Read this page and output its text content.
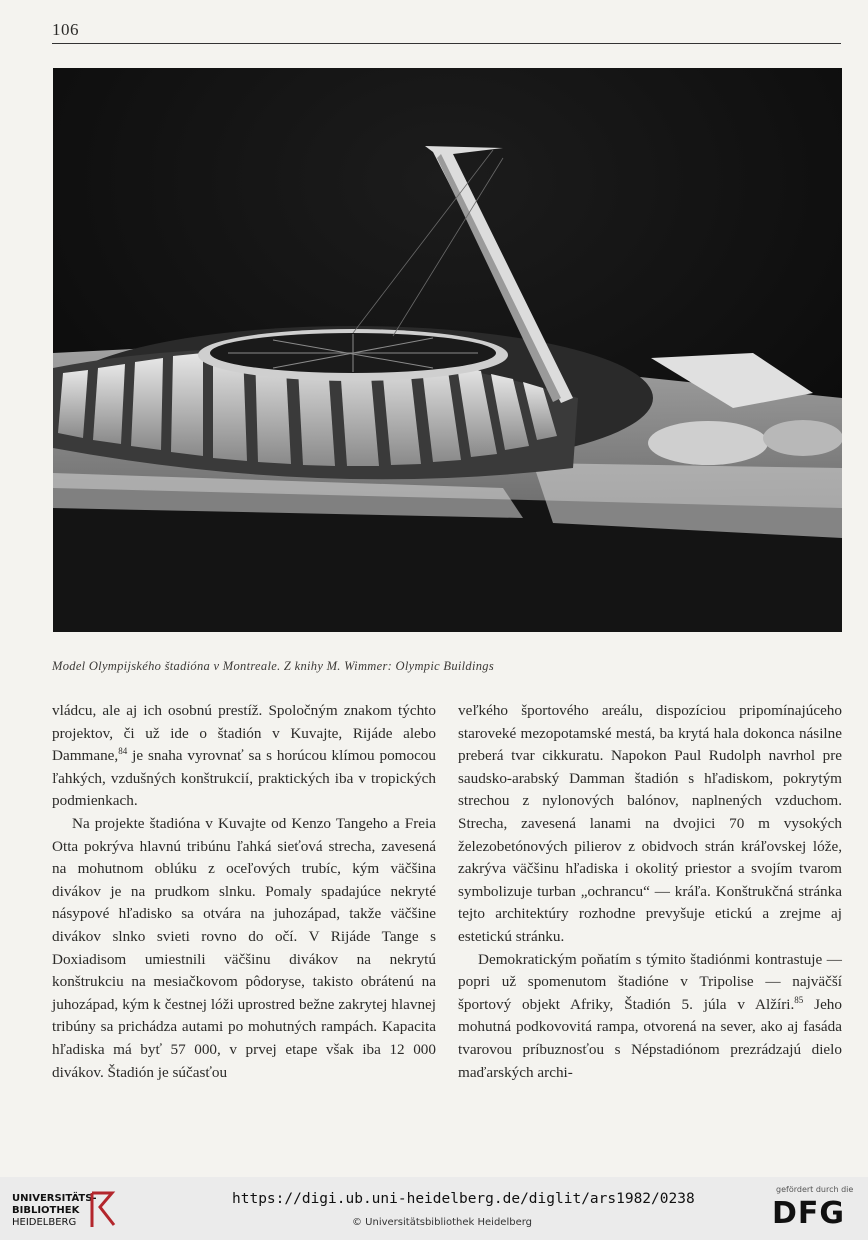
106
Model Olympijského štadióna v Montreale. Z knihy M. Wimmer: Olympic Buildings

vládcu, ale aj ich osobnú prestíž. Spoločným znakom týchto projektov, či už ide o štadión v Kuvajte, Rijáde alebo Dammane,$^{84}$ je snaha vyrovnať sa s horúcou klímou pomocou ľahkých, vzdušných konštrukcií, praktických iba v tropických podmienkach.

Na projekte štadióna v Kuvajte od Kenzo Tangeho a Freia Otta pokrýva hlavnú tribúnu ľahká sieťová strecha, zavesená na mohutnom oblúku z oceľových trubíc, kým väčšina divákov je na prudkom slnku. Pomaly spadajúce nekryté násypové hľadisko sa otvára na juhozápad, takže väčšine divákov slnko svieti rovno do očí. V Rijáde Tange s Doxiadisom umiestnili väčšinu divákov na nekrytú konštrukciu na mesiačkovom pôdoryse, takisto obrátenú na juhozápad, kým k čestnej lóži uprostred bežne zakrytej hlavnej tribúny sa prichádza autami po mohutných rampách. Kapacita hľadiska má byť 57 000, v prvej etape však iba 12 000 divákov. Štadión je súčasťou

veľkého športového areálu, dispozíciou pripomínajúceho staroveké mezopotamské mestá, ba krytá hala dokonca násilne preberá tvar cikkuratu. Napokon Paul Rudolph navrhol pre saudsko-arabský Damman štadión s hľadiskom, pokrytým strechou z nylonových balónov, naplnených vzduchom. Strecha, zavesená lanami na dvojici 70 m vysokých železobetónových pilierov z obidvoch strán kráľovskej lóže, zakrýva väčšinu hľadiska i okolitý priestor a svojím tvarom symbolizuje turban „ochrancu“ — kráľa. Konštrukčná stránka tejto architektúry rozhodne prevyšuje etickú a zrejme aj estetickú stránku.

Demokratickým poňatím s týmito štadiónmi kontrastuje — popri už spomenutom štadióne v Tripolise — najväčší športový objekt Afriky, Štadión 5. júla v Alžíri.$^{85}$ Jeho mohutná podkovovitá rampa, otvorená na sever, ako aj fasáda tvarovou príbuznosťou s Népstadiónom prezrádzajú dielo maďarských archi-

UNIVERSITÄTS-
BIBLIOTHEK
HEIDELBERG
https://digi.ub.uni-heidelberg.de/diglit/ars1982/0238
© Universitätsbibliothek Heidelberg
gefördert durch die
DFG
